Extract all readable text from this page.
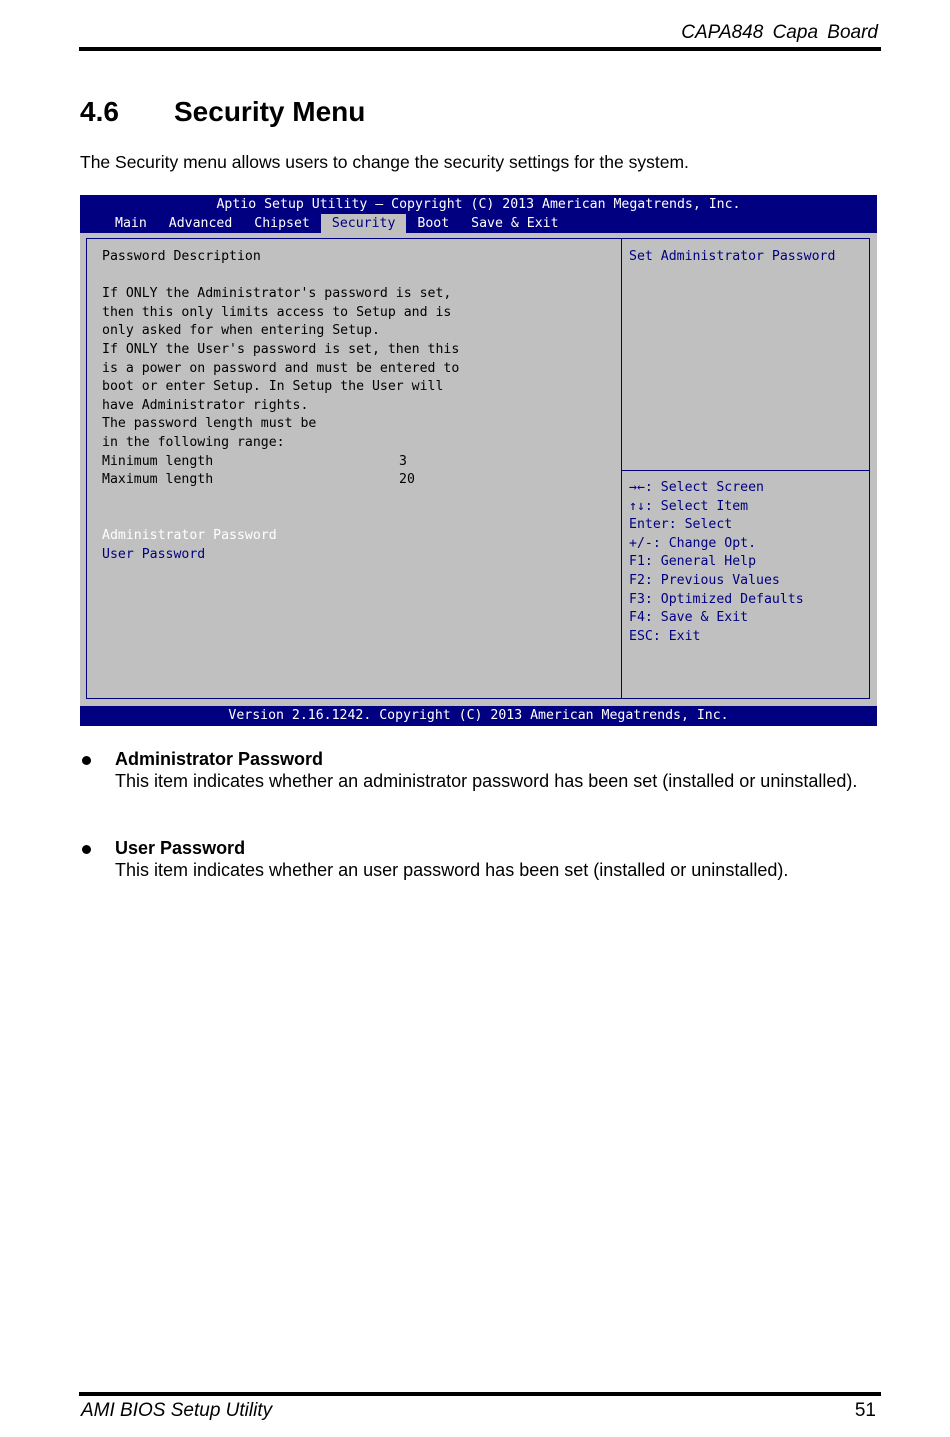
CAPA848 Capa Board
4.6 Security Menu

The Security menu allows users to change the security settings for the system.

Aptio Setup Utility – Copyright (C) 2013 American Megatrends, Inc.
Main	Advanced	Chipset	Security	Boot	Save & Exit
Password Description

If ONLY the Administrator's password is set,
then this only limits access to Setup and is
only asked for when entering Setup.
If ONLY the User's password is set, then this
is a power on password and must be entered to
boot or enter Setup. In Setup the User will
have Administrator rights.
The password length must be
in the following range:
Minimum length	3
Maximum length	20
Administrator Password
User Password
Set Administrator Password
→←: Select Screen
↑↓: Select Item
Enter: Select
+/-: Change Opt.
F1: General Help
F2: Previous Values
F3: Optimized Defaults
F4: Save & Exit
ESC: Exit
Version 2.16.1242. Copyright (C) 2013 American Megatrends, Inc.

Administrator Password

This item indicates whether an administrator password has been set (installed or uninstalled).

User Password

This item indicates whether an user password has been set (installed or uninstalled).

AMI BIOS Setup Utility	51
